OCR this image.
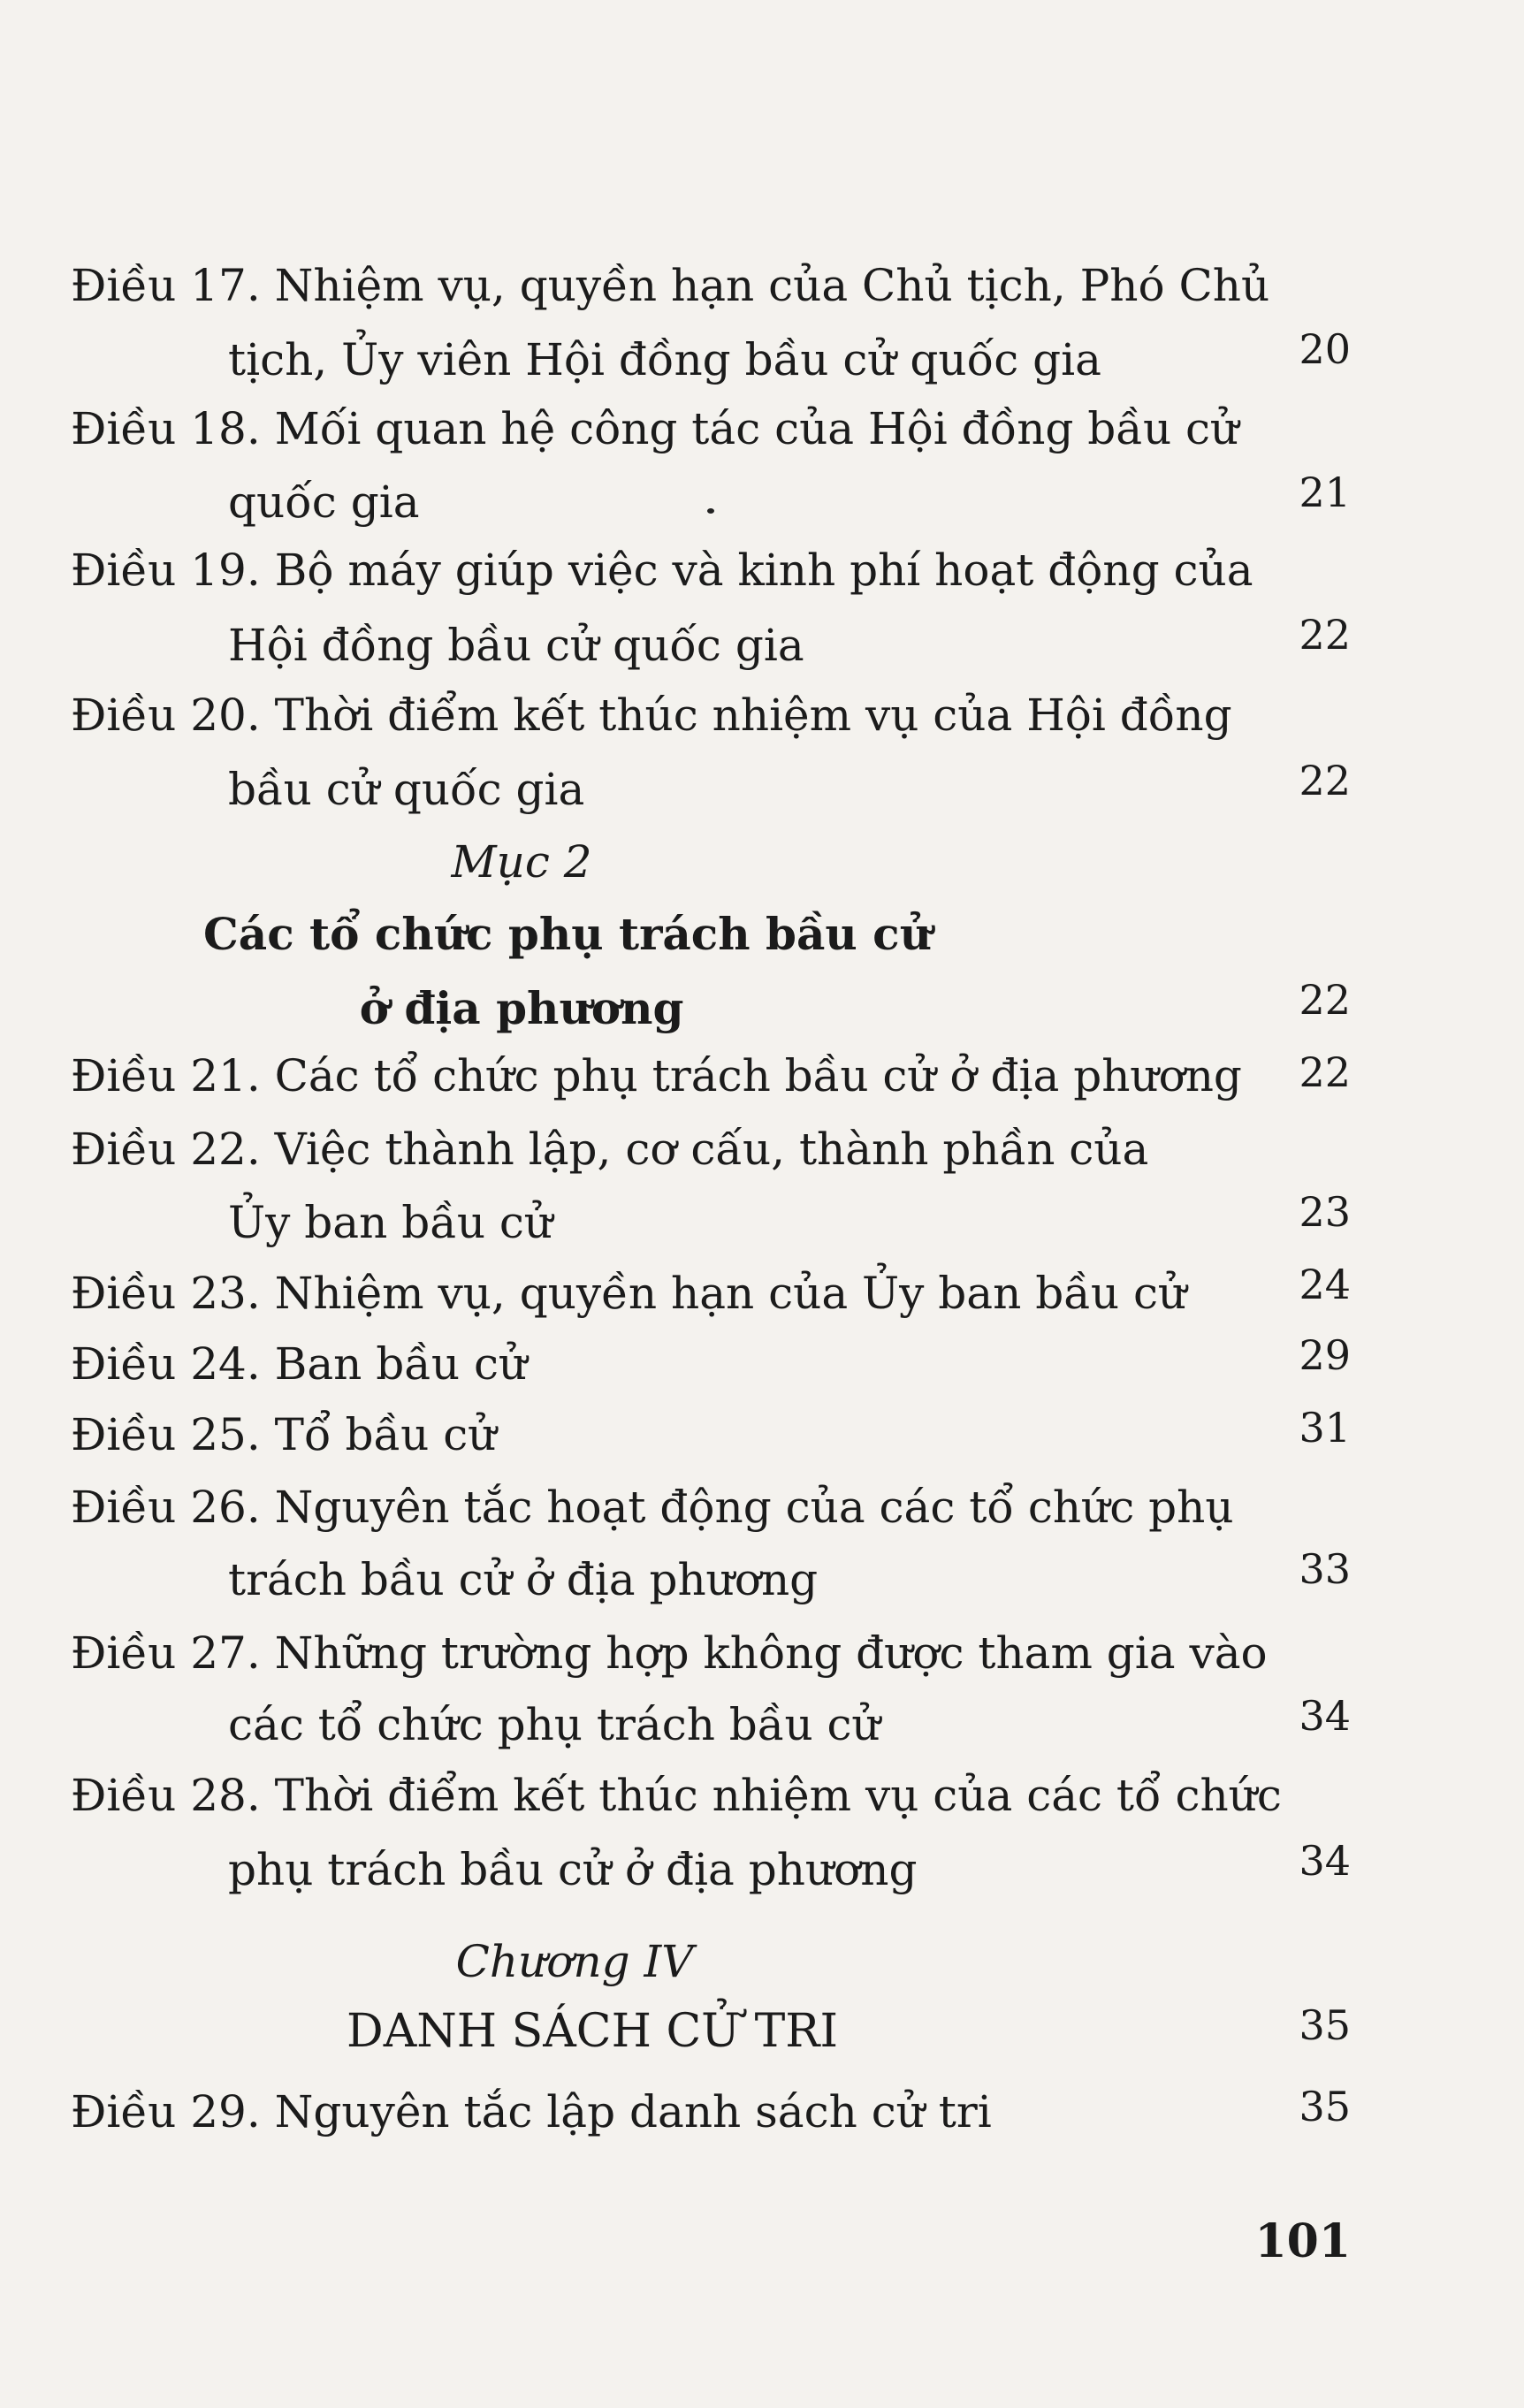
Điều 17. Nhiệm vụ, quyền hạn của Chủ tịch, Phó Chủ
tịch, Ủy viên Hội đồng bầu cử quốc gia	20
Điều 18. Mối quan hệ công tác của Hội đồng bầu cử
quốc gia	21
Điều 19. Bộ máy giúp việc và kinh phí hoạt động của
Hội đồng bầu cử quốc gia	22
Điều 20. Thời điểm kết thúc nhiệm vụ của Hội đồng
bầu cử quốc gia	22
Mục 2
Các tổ chức phụ trách bầu cử
ở địa phương	22
Điều 21. Các tổ chức phụ trách bầu cử ở địa phương 22
Điều 22. Việc thành lập, cơ cấu, thành phần của
Ủy ban bầu cử	23
Điều 23. Nhiệm vụ, quyền hạn của Ủy ban bầu cử	24
Điều 24. Ban bầu cử	29
Điều 25. Tổ bầu cử	31
Điều 26. Nguyên tắc hoạt động của các tổ chức phụ
trách bầu cử ở địa phương	33
Điều 27. Những trường hợp không được tham gia vào
các tổ chức phụ trách bầu cử	34
Điều 28. Thời điểm kết thúc nhiệm vụ của các tổ chức
phụ trách bầu cử ở địa phương	34
Chương IV
DANH SÁCH CỬ TRI	35
Điều 29. Nguyên tắc lập danh sách cử tri	35
101
